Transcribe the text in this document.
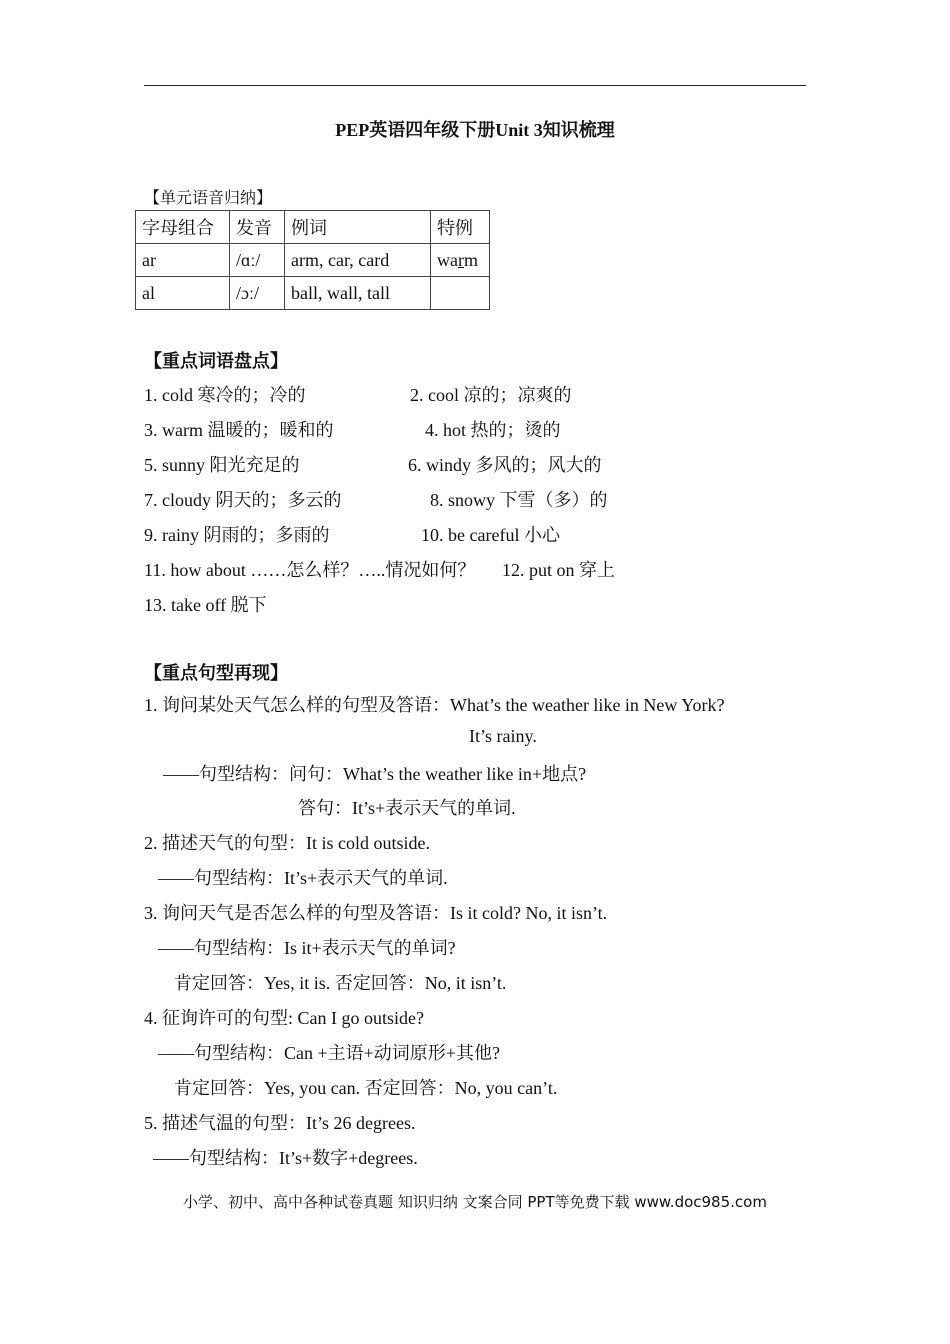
PEP英语四年级下册Unit 3知识梳理
【单元语音归纳】
字母组合	发音	例词	特例
ar	/ɑː/	arm, car, card	warm
al	/ɔː/	ball, wall, tall	
【重点词语盘点】
1. cold 寒冷的；冷的	2. cool 凉的；凉爽的
3. warm 温暖的；暖和的	4. hot 热的；烫的
5. sunny 阳光充足的	6. windy 多风的；风大的
7. cloudy 阴天的；多云的	8. snowy 下雪（多）的
9. rainy 阴雨的；多雨的	10. be careful 小心
11. how about ……怎么样？…..情况如何？ 12. put on 穿上
13. take off 脱下
【重点句型再现】
1. 询问某处天气怎么样的句型及答语：What’s the weather like in New York?
It’s rainy.
——句型结构：问句：What’s the weather like in+地点?
答句：It’s+表示天气的单词.
2. 描述天气的句型：It is cold outside.
——句型结构：It’s+表示天气的单词.
3. 询问天气是否怎么样的句型及答语：Is it cold? No, it isn’t.
——句型结构：Is it+表示天气的单词?
肯定回答：Yes, it is. 否定回答：No, it isn’t.
4. 征询许可的句型: Can I go outside?
——句型结构：Can +主语+动词原形+其他?
肯定回答：Yes, you can. 否定回答：No, you can’t.
5. 描述气温的句型：It’s 26 degrees.
——句型结构：It’s+数字+degrees.
小学、初中、高中各种试卷真题 知识归纳 文案合同 PPT等免费下载 www.doc985.com
